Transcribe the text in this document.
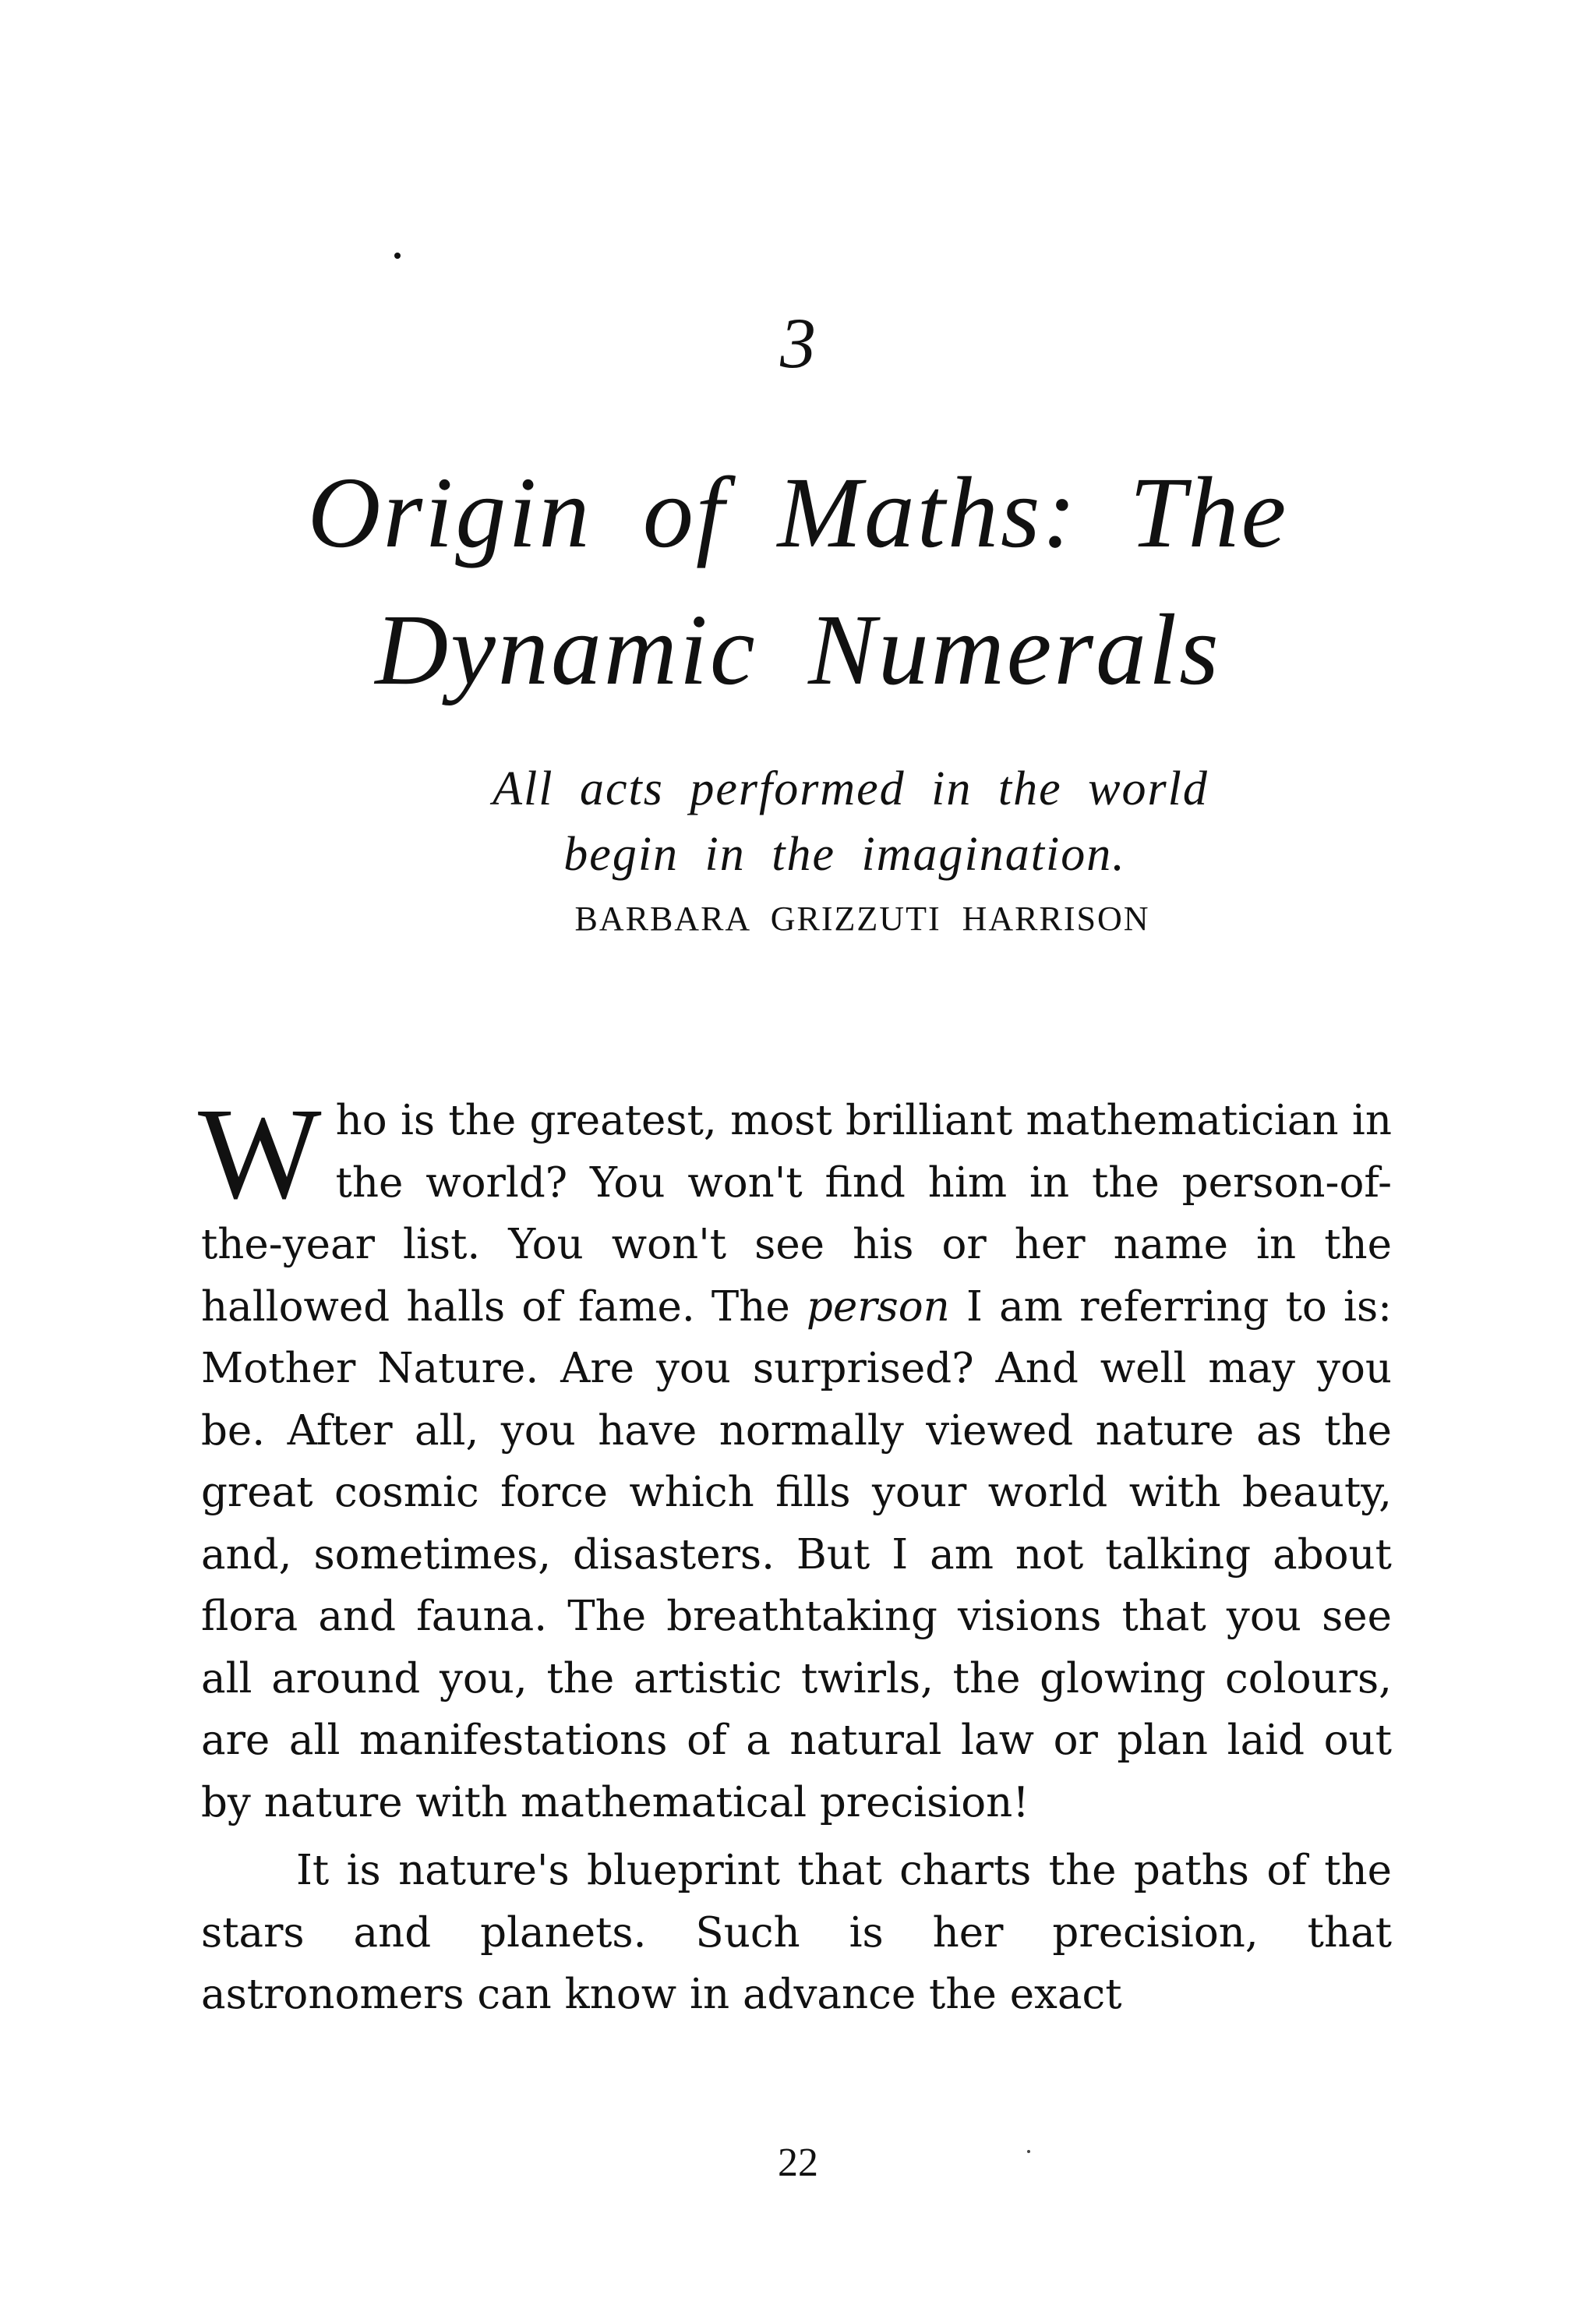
3
Origin of Maths: The
Dynamic Numerals
All acts performed in the world
begin in the imagination.
BARBARA GRIZZUTI HARRISON

Who is the greatest, most brilliant mathematician in the world? You won't find him in the person-of-the-year list. You won't see his or her name in the hallowed halls of fame. The person I am referring to is: Mother Nature. Are you surprised? And well may you be. After all, you have normally viewed nature as the great cosmic force which fills your world with beauty, and, sometimes, disasters. But I am not talking about flora and fauna. The breathtaking visions that you see all around you, the artistic twirls, the glowing colours, are all manifestations of a natural law or plan laid out by nature with mathematical precision!

It is nature's blueprint that charts the paths of the stars and planets. Such is her precision, that astronomers can know in advance the exact

22
